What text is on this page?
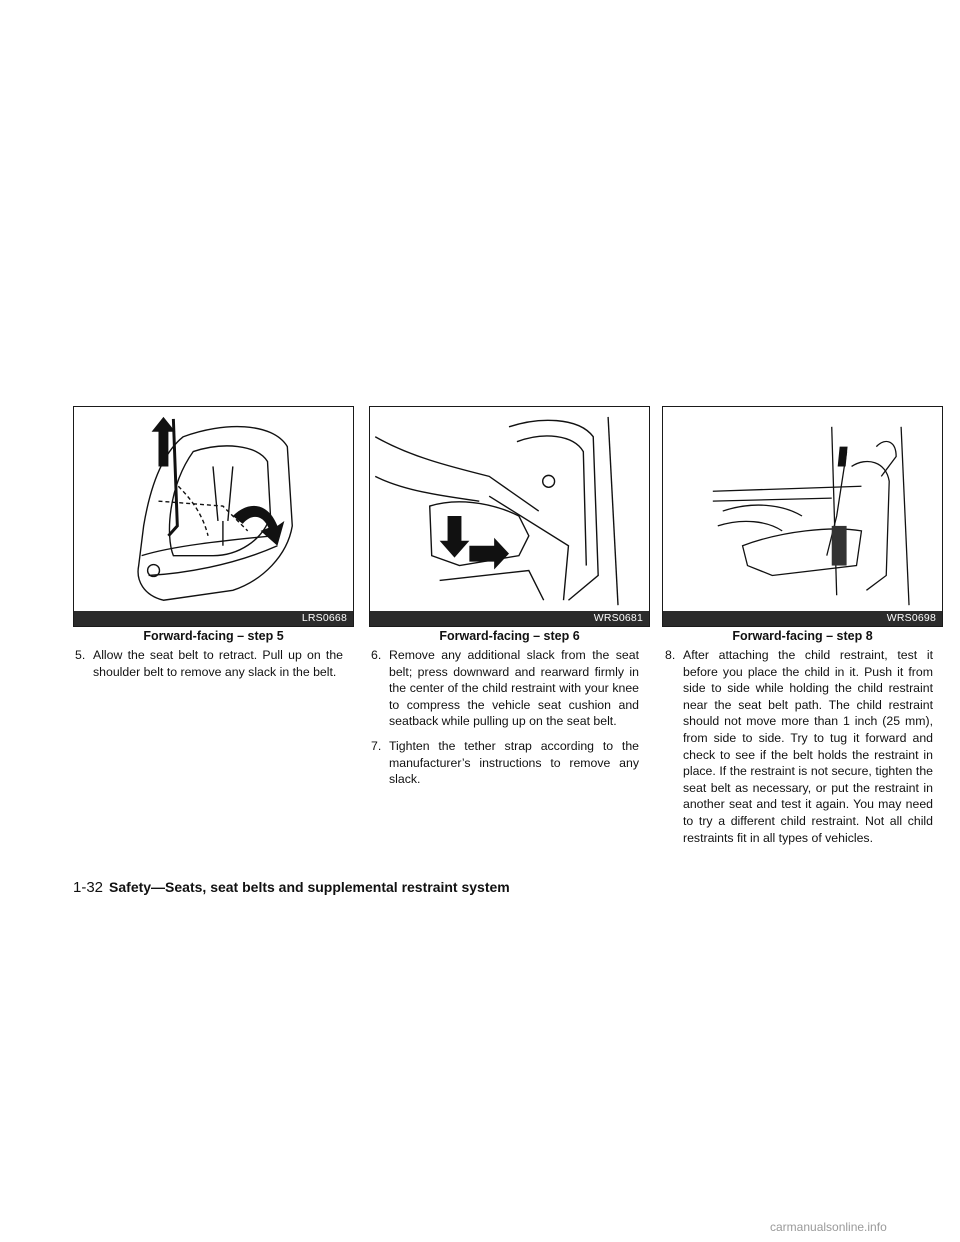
LRS0668
Forward-facing – step 5
WRS0681
Forward-facing – step 6
WRS0698
Forward-facing – step 8

5. Allow the seat belt to retract. Pull up on the shoulder belt to remove any slack in the belt.

6. Remove any additional slack from the seat belt; press downward and rearward firmly in the center of the child restraint with your knee to compress the vehicle seat cushion and seatback while pulling up on the seat belt.

7. Tighten the tether strap according to the manufacturer’s instructions to remove any slack.

8. After attaching the child restraint, test it before you place the child in it. Push it from side to side while holding the child restraint near the seat belt path. The child restraint should not move more than 1 inch (25 mm), from side to side. Try to tug it forward and check to see if the belt holds the restraint in place. If the restraint is not secure, tighten the seat belt as necessary, or put the restraint in another seat and test it again. You may need to try a different child restraint. Not all child restraints fit in all types of vehicles.

1-32 Safety—Seats, seat belts and supplemental restraint system
carmanualsonline.info
